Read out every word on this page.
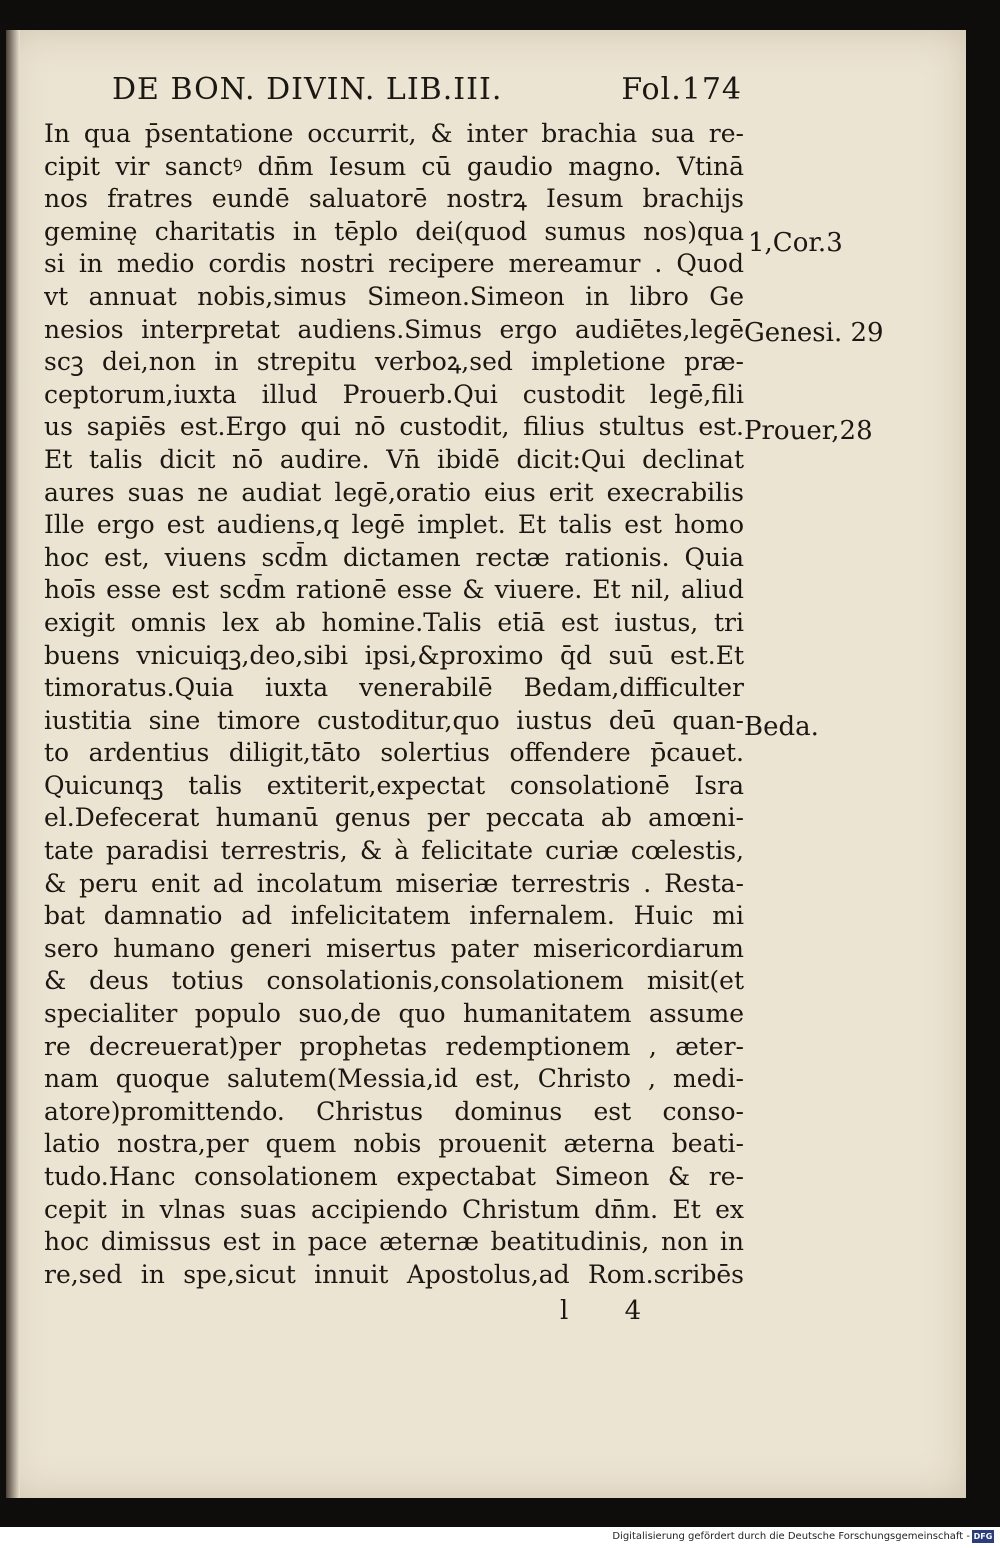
DE BON. DIVIN. LIB.III.	Fol.174
In qua p̄sentatione occurrit, & inter brachia sua re-
cipit vir sanctꝰ dn̄m Iesum cū gaudio magno. Vtinā
nos fratres eundē saluatorē nostrꝝ Iesum brachijs
geminę charitatis in tēplo dei(quod sumus nos)qua
si in medio cordis nostri recipere mereamur . Quod
vt annuat nobis,simus Simeon.Simeon in libro Ge
nesios interpretat audiens.Simus ergo audiētes,legē
scꝫ dei,non in strepitu verboꝝ,sed impletione præ-
ceptorum,iuxta illud Prouerb.Qui custodit legē,fili
us sapiēs est.Ergo qui nō custodit, filius stultus est.
Et talis dicit nō audire. Vn̄ ibidē dicit:Qui declinat
aures suas ne audiat legē,oratio eius erit execrabilis
Ille ergo est audiens,q legē implet. Et talis est homo
hoc est, viuens scd̄m dictamen rectæ rationis. Quia
hoīs esse est scd̄m rationē esse & viuere. Et nil, aliud
exigit omnis lex ab homine.Talis etiā est iustus, tri
buens vnicuiqꝫ,deo,sibi ipsi,&proximo q̄d suū est.Et
timoratus.Quia iuxta venerabilē Bedam,difficulter
iustitia sine timore custoditur,quo iustus deū quan-
to ardentius diligit,tāto solertius offendere p̄cauet.
Quicunqꝫ talis extiterit,expectat consolationē Isra
el.Defecerat humanū genus per peccata ab amœni-
tate paradisi terrestris, & à felicitate curiæ cœlestis,
& peru enit ad incolatum miseriæ terrestris . Resta-
bat damnatio ad infelicitatem infernalem. Huic mi
sero humano generi misertus pater misericordiarum
& deus totius consolationis,consolationem misit(et
specialiter populo suo,de quo humanitatem assume
re decreuerat)per prophetas redemptionem , æter-
nam quoque salutem(Messia,id est, Christo , medi-
atore)promittendo. Christus dominus est conso-
latio nostra,per quem nobis prouenit æterna beati-
tudo.Hanc consolationem expectabat Simeon & re-
cepit in vlnas suas accipiendo Christum dn̄m. Et ex
hoc dimissus est in pace æternæ beatitudinis, non in
re,sed in spe,sicut innuit Apostolus,ad Rom.scribēs
1,Cor.3
Genesi. 29
Prouer,28
Beda.
l 4
Digitalisierung gefördert durch die Deutsche Forschungsgemeinschaft - DFG
